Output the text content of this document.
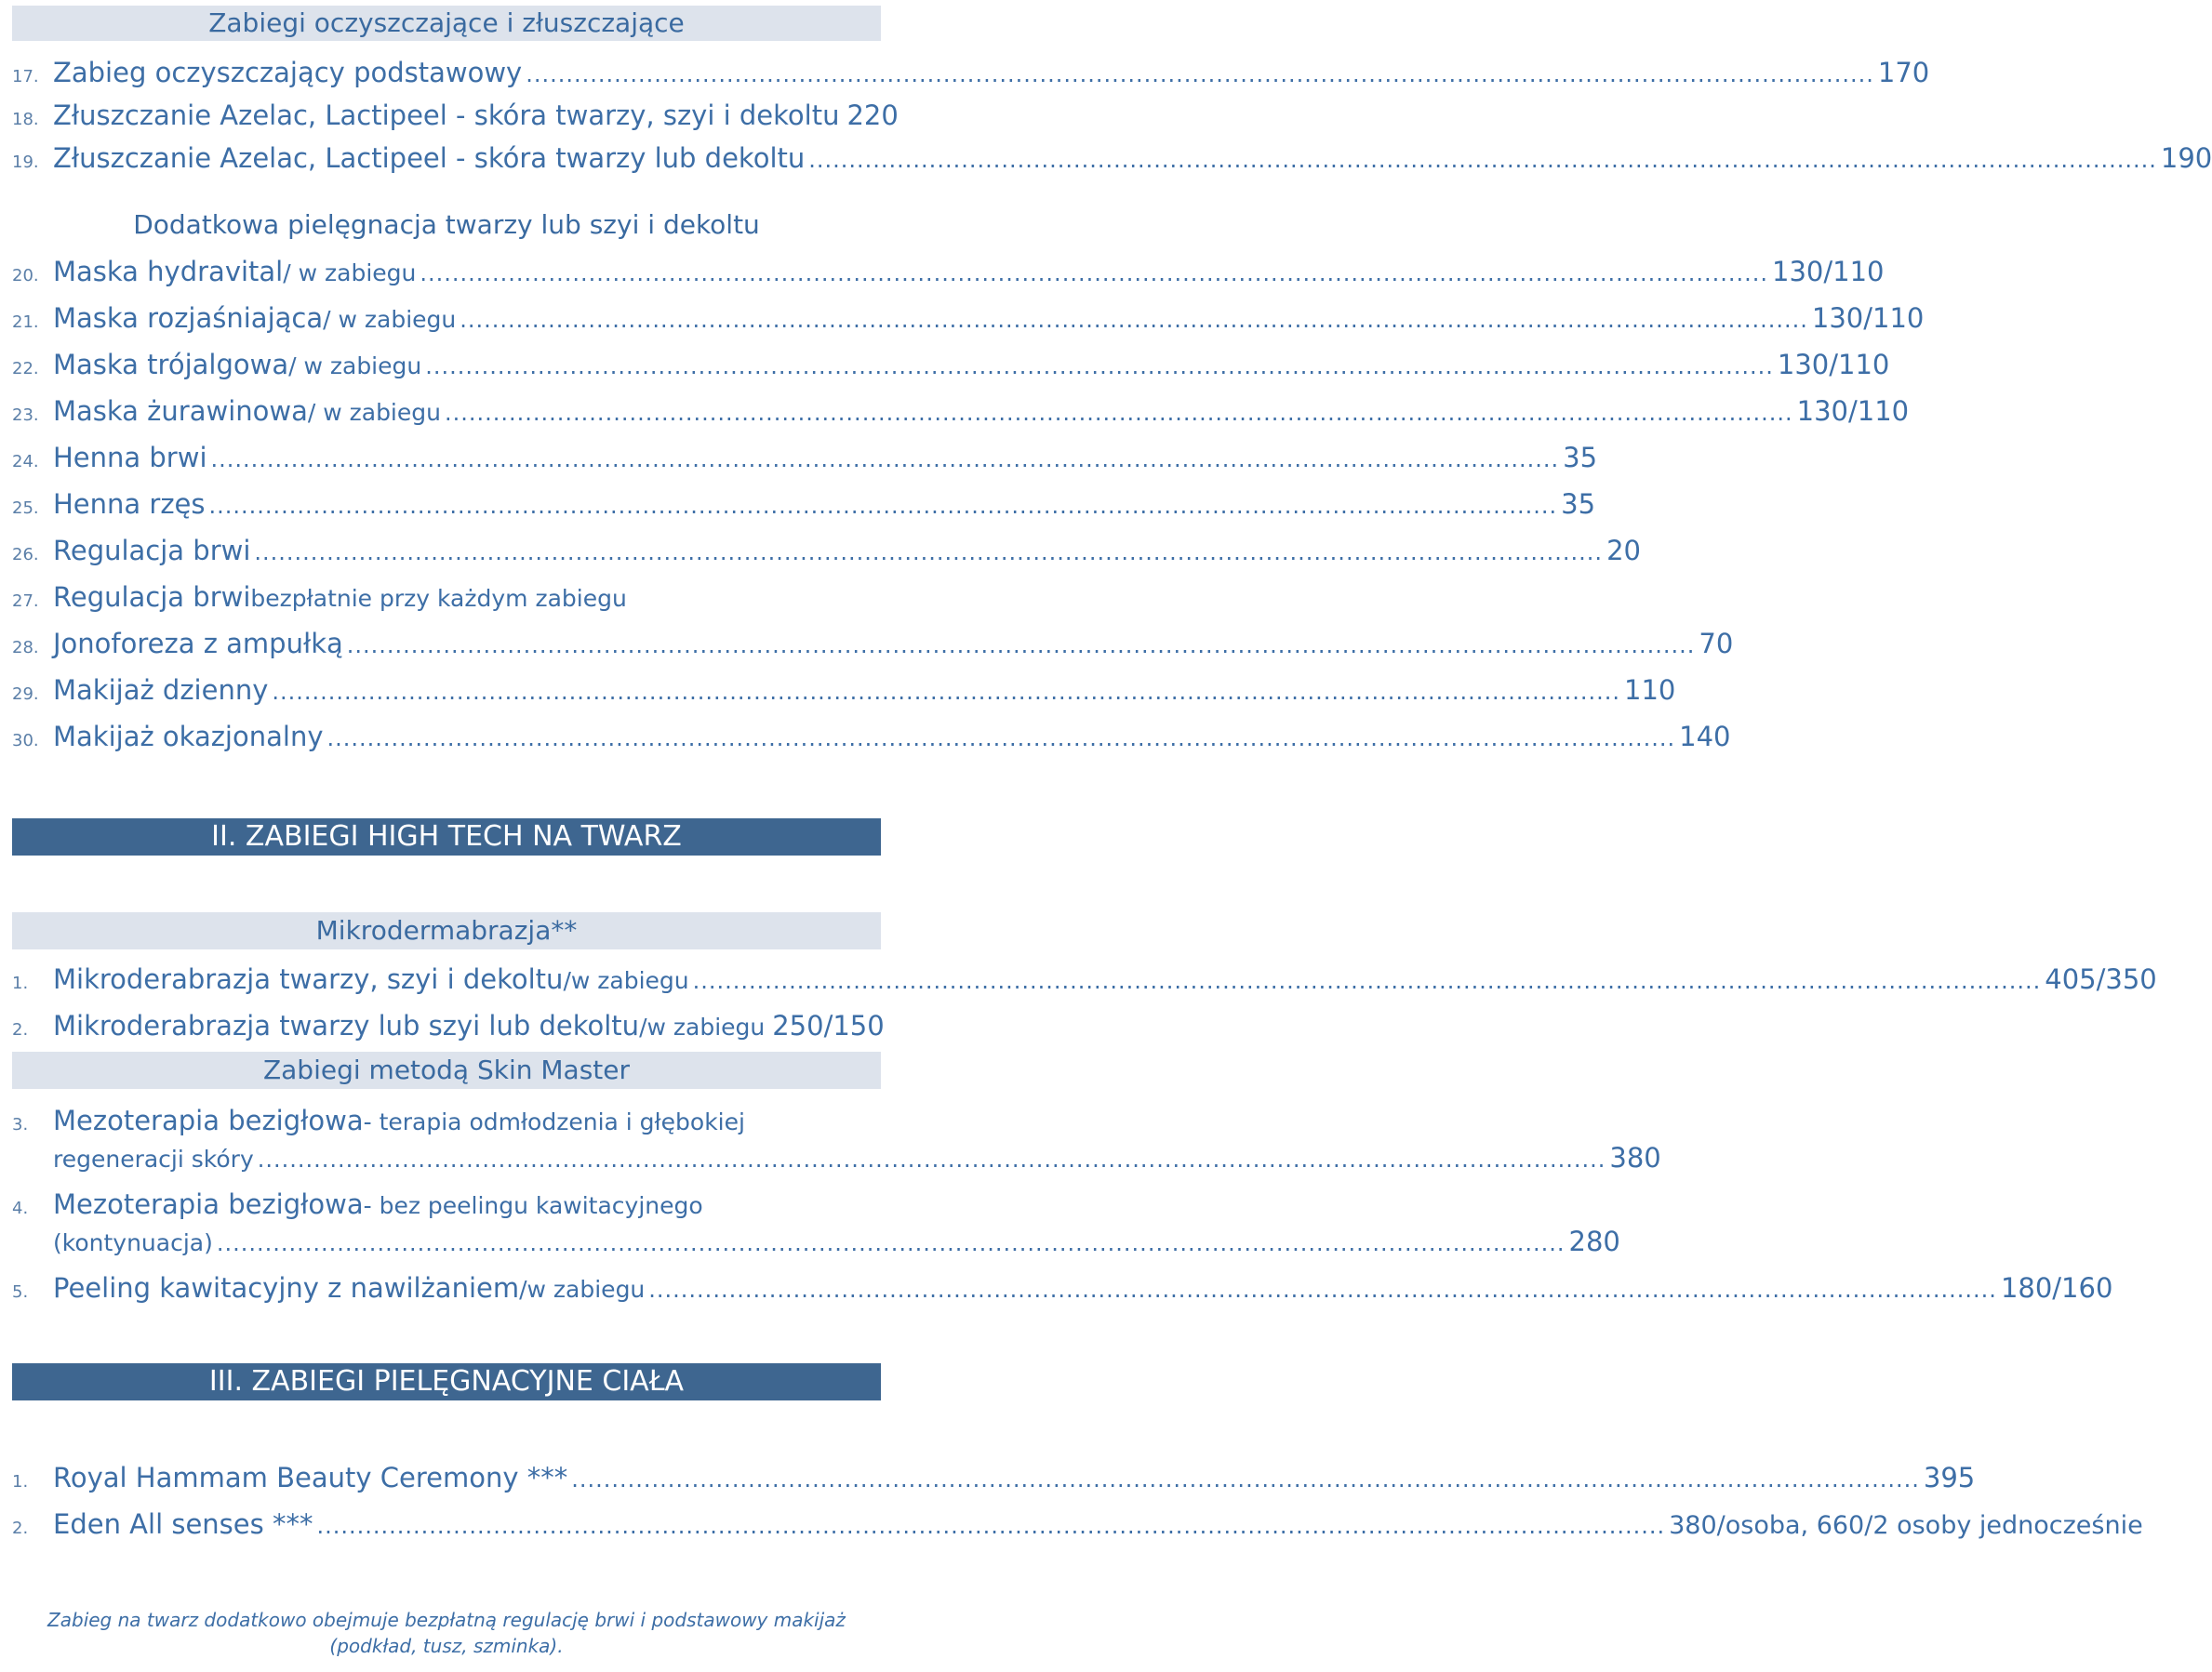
Zabiegi oczyszczające i złuszczające
17. Zabieg oczyszczający podstawowy .....	170
18. Złuszczanie Azelac, Lactipeel - skóra twarzy, szyi i dekoltu 220
19. Złuszczanie Azelac, Lactipeel - skóra twarzy lub dekoltu .....	190
Dodatkowa pielęgnacja twarzy lub szyi i dekoltu
20. Maska hydravital / w zabiegu .....	130/110
21. Maska rozjaśniająca / w zabiegu .....	130/110
22. Maska trójalgowa / w zabiegu .....	130/110
23. Maska żurawinowa / w zabiegu .....	130/110
24. Henna brwi .....	35
25. Henna rzęs .....	35
26. Regulacja brwi .....	20
27. Regulacja brwi bezpłatnie przy każdym zabiegu
28. Jonoforeza z ampułką .....	70
29. Makijaż dzienny .....	110
30. Makijaż okazjonalny .....	140
II. ZABIEGI HIGH TECH NA TWARZ
Mikrodermabrazja**
1. Mikroderabrazja twarzy, szyi i dekoltu /w zabiegu .....	405/350
2. Mikroderabrazja twarzy lub szyi lub dekoltu /w zabiegu 250/150
Zabiegi metodą Skin Master
3. Mezoterapia bezigłowa - terapia odmłodzenia i głębokiej
regeneracji skóry .....	380
4. Mezoterapia bezigłowa - bez peelingu kawitacyjnego
(kontynuacja) .....	280
5. Peeling kawitacyjny z nawilżaniem /w zabiegu .....	180/160
III. ZABIEGI PIELĘGNACYJNE CIAŁA
1. Royal Hammam Beauty Ceremony *** .....	395
2. Eden All senses *** .....	380/osoba, 660/2 osoby jednocześnie
Zabieg na twarz dodatkowo obejmuje bezpłatną regulację brwi i podstawowy makijaż
(podkład, tusz, szminka).
